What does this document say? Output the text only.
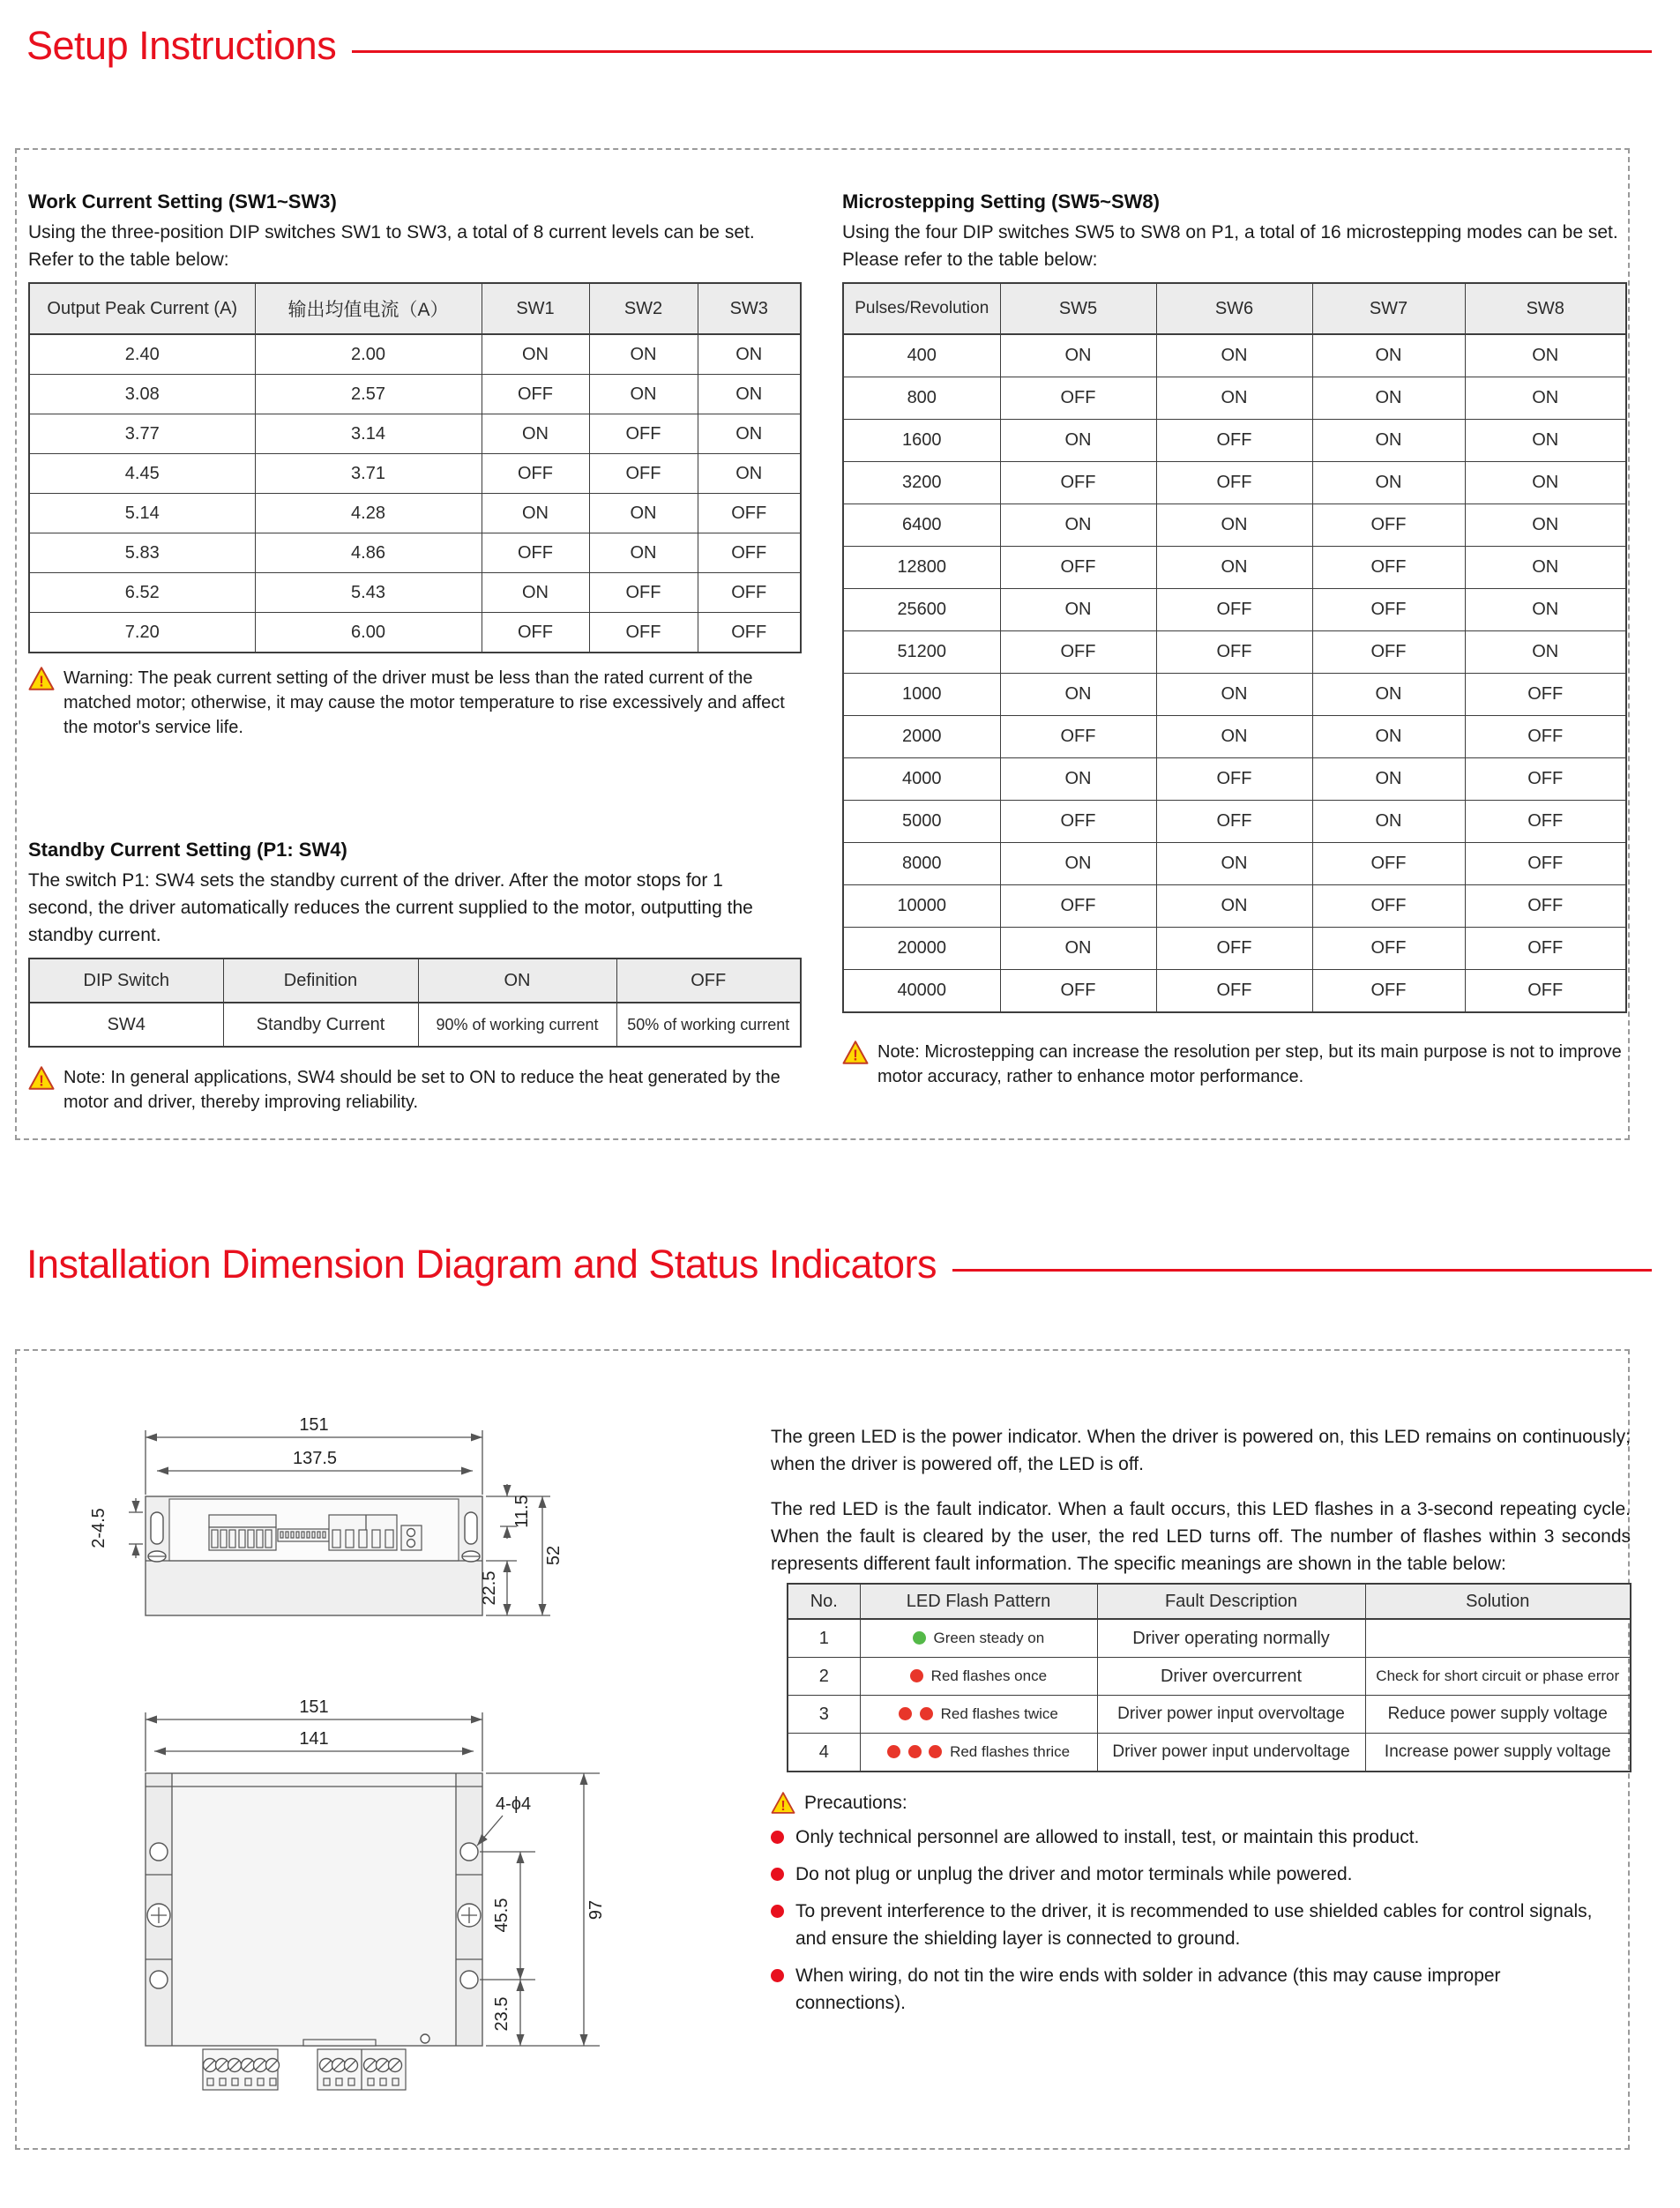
Setup Instructions
Work Current Setting (SW1~SW3)

Using the three-position DIP switches SW1 to SW3, a total of 8 current levels can be set. Refer to the table below:

Output Peak Current (A)	输出均值电流（A）	SW1	SW2	SW3
2.40	2.00	ON	ON	ON
3.08	2.57	OFF	ON	ON
3.77	3.14	ON	OFF	ON
4.45	3.71	OFF	OFF	ON
5.14	4.28	ON	ON	OFF
5.83	4.86	OFF	ON	OFF
6.52	5.43	ON	OFF	OFF
7.20	6.00	OFF	OFF	OFF
! Warning: The peak current setting of the driver must be less than the rated current of the matched motor; otherwise, it may cause the motor temperature to rise excessively and affect the motor's service life.
Standby Current Setting (P1: SW4)

The switch P1: SW4 sets the standby current of the driver. After the motor stops for 1 second, the driver automatically reduces the current supplied to the motor, outputting the standby current.

DIP Switch	Definition	ON	OFF
SW4	Standby Current	90% of working current	50% of working current
! Note: In general applications, SW4 should be set to ON to reduce the heat generated by the motor and driver, thereby improving reliability.
Microstepping Setting (SW5~SW8)

Using the four DIP switches SW5 to SW8 on P1, a total of 16 microstepping modes can be set. Please refer to the table below:

Pulses/Revolution	SW5	SW6	SW7	SW8
400	ON	ON	ON	ON
800	OFF	ON	ON	ON
1600	ON	OFF	ON	ON
3200	OFF	OFF	ON	ON
6400	ON	ON	OFF	ON
12800	OFF	ON	OFF	ON
25600	ON	OFF	OFF	ON
51200	OFF	OFF	OFF	ON
1000	ON	ON	ON	OFF
2000	OFF	ON	ON	OFF
4000	ON	OFF	ON	OFF
5000	OFF	OFF	ON	OFF
8000	ON	ON	OFF	OFF
10000	OFF	ON	OFF	OFF
20000	ON	OFF	OFF	OFF
40000	OFF	OFF	OFF	OFF
! Note: Microstepping can increase the resolution per step, but its main purpose is not to improve motor accuracy, rather to enhance motor performance.
Installation Dimension Diagram and Status Indicators
151
137.5
2-4.5	11.5
22.5
52
151
141
4-ϕ4
45.5
23.5
97

The green LED is the power indicator. When the driver is powered on, this LED remains on continuously; when the driver is powered off, the LED is off.

The red LED is the fault indicator. When a fault occurs, this LED flashes in a 3-second repeating cycle. When the fault is cleared by the user, the red LED turns off. The number of flashes within 3 seconds represents different fault information. The specific meanings are shown in the table below:

No.	LED Flash Pattern	Fault Description	Solution
1	Green steady on	Driver operating normally	
2	Red flashes once	Driver overcurrent	Check for short circuit or phase error
3	Red flashes twice	Driver power input overvoltage	Reduce power supply voltage
4	Red flashes thrice	Driver power input undervoltage	Increase power supply voltage
! Precautions:
Only technical personnel are allowed to install, test, or maintain this product.
Do not plug or unplug the driver and motor terminals while powered.
To prevent interference to the driver, it is recommended to use shielded cables for control signals, and ensure the shielding layer is connected to ground.
When wiring, do not tin the wire ends with solder in advance (this may cause improper connections).
